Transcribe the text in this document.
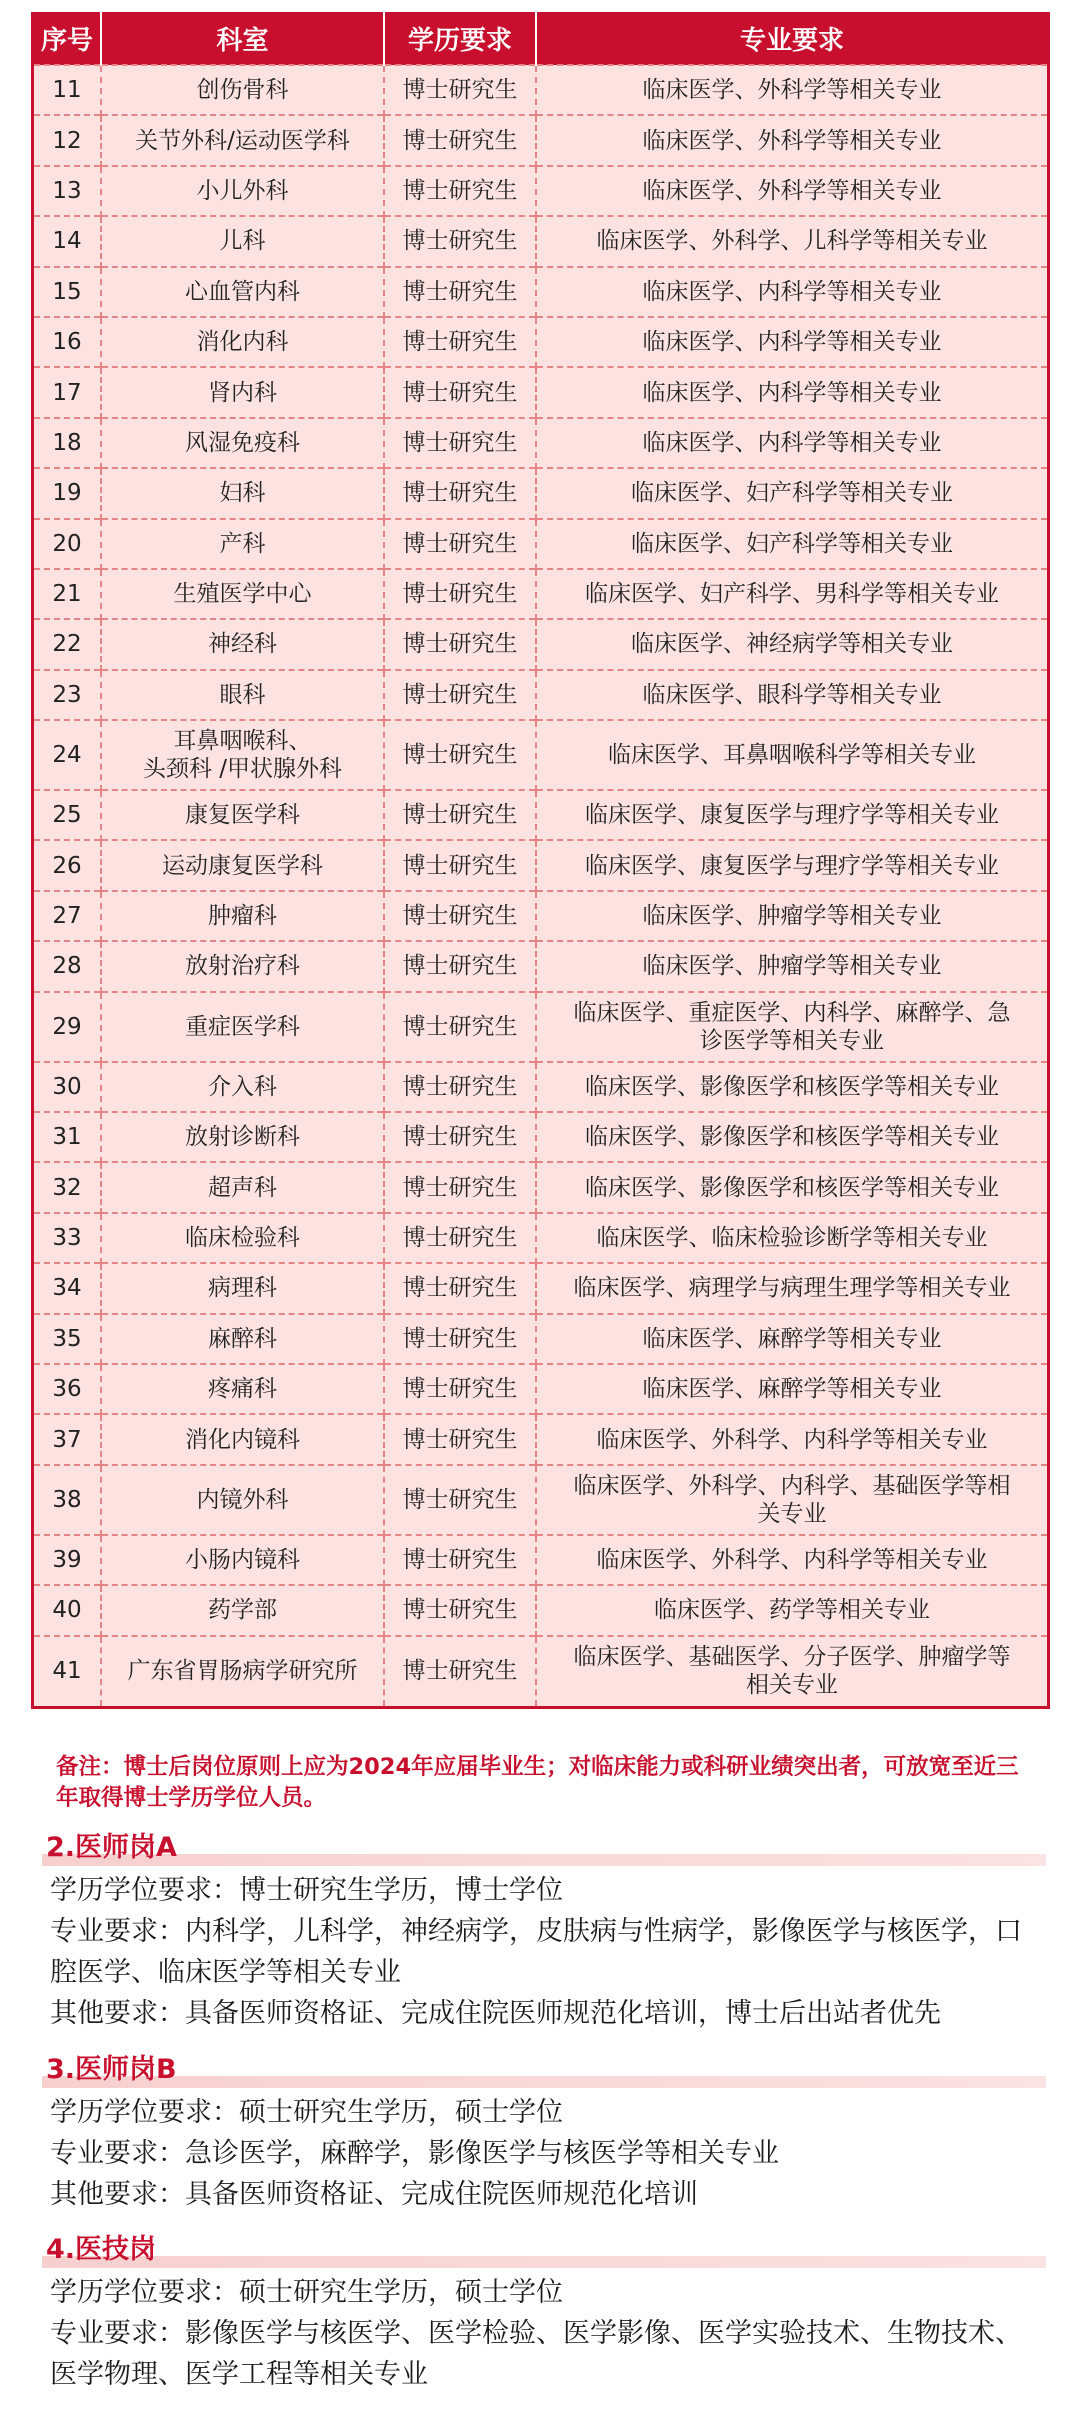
序号	科室	学历要求	专业要求
11	创伤骨科	博士研究生	临床医学、外科学等相关专业
12	关节外科/运动医学科	博士研究生	临床医学、外科学等相关专业
13	小儿外科	博士研究生	临床医学、外科学等相关专业
14	儿科	博士研究生	临床医学、外科学、儿科学等相关专业
15	心血管内科	博士研究生	临床医学、内科学等相关专业
16	消化内科	博士研究生	临床医学、内科学等相关专业
17	肾内科	博士研究生	临床医学、内科学等相关专业
18	风湿免疫科	博士研究生	临床医学、内科学等相关专业
19	妇科	博士研究生	临床医学、妇产科学等相关专业
20	产科	博士研究生	临床医学、妇产科学等相关专业
21	生殖医学中心	博士研究生	临床医学、妇产科学、男科学等相关专业
22	神经科	博士研究生	临床医学、神经病学等相关专业
23	眼科	博士研究生	临床医学、眼科学等相关专业
24	耳鼻咽喉科、
头颈科 /甲状腺外科	博士研究生	临床医学、耳鼻咽喉科学等相关专业
25	康复医学科	博士研究生	临床医学、康复医学与理疗学等相关专业
26	运动康复医学科	博士研究生	临床医学、康复医学与理疗学等相关专业
27	肿瘤科	博士研究生	临床医学、肿瘤学等相关专业
28	放射治疗科	博士研究生	临床医学、肿瘤学等相关专业
29	重症医学科	博士研究生	临床医学、重症医学、内科学、麻醉学、急
诊医学等相关专业
30	介入科	博士研究生	临床医学、影像医学和核医学等相关专业
31	放射诊断科	博士研究生	临床医学、影像医学和核医学等相关专业
32	超声科	博士研究生	临床医学、影像医学和核医学等相关专业
33	临床检验科	博士研究生	临床医学、临床检验诊断学等相关专业
34	病理科	博士研究生	临床医学、病理学与病理生理学等相关专业
35	麻醉科	博士研究生	临床医学、麻醉学等相关专业
36	疼痛科	博士研究生	临床医学、麻醉学等相关专业
37	消化内镜科	博士研究生	临床医学、外科学、内科学等相关专业
38	内镜外科	博士研究生	临床医学、外科学、内科学、基础医学等相
关专业
39	小肠内镜科	博士研究生	临床医学、外科学、内科学等相关专业
40	药学部	博士研究生	临床医学、药学等相关专业
41	广东省胃肠病学研究所	博士研究生	临床医学、基础医学、分子医学、肿瘤学等
相关专业
备注：博士后岗位原则上应为2024年应届毕业生；对临床能力或科研业绩突出者，可放宽至近三年取得博士学历学位人员。
2.医师岗A

学历学位要求：博士研究生学历，博士学位

专业要求：内科学，儿科学，神经病学，皮肤病与性病学，影像医学与核医学，口腔医学、临床医学等相关专业

其他要求：具备医师资格证、完成住院医师规范化培训，博士后出站者优先

3.医师岗B

学历学位要求：硕士研究生学历，硕士学位

专业要求：急诊医学，麻醉学，影像医学与核医学等相关专业

其他要求：具备医师资格证、完成住院医师规范化培训

4.医技岗

学历学位要求：硕士研究生学历，硕士学位

专业要求：影像医学与核医学、医学检验、医学影像、医学实验技术、生物技术、医学物理、医学工程等相关专业
